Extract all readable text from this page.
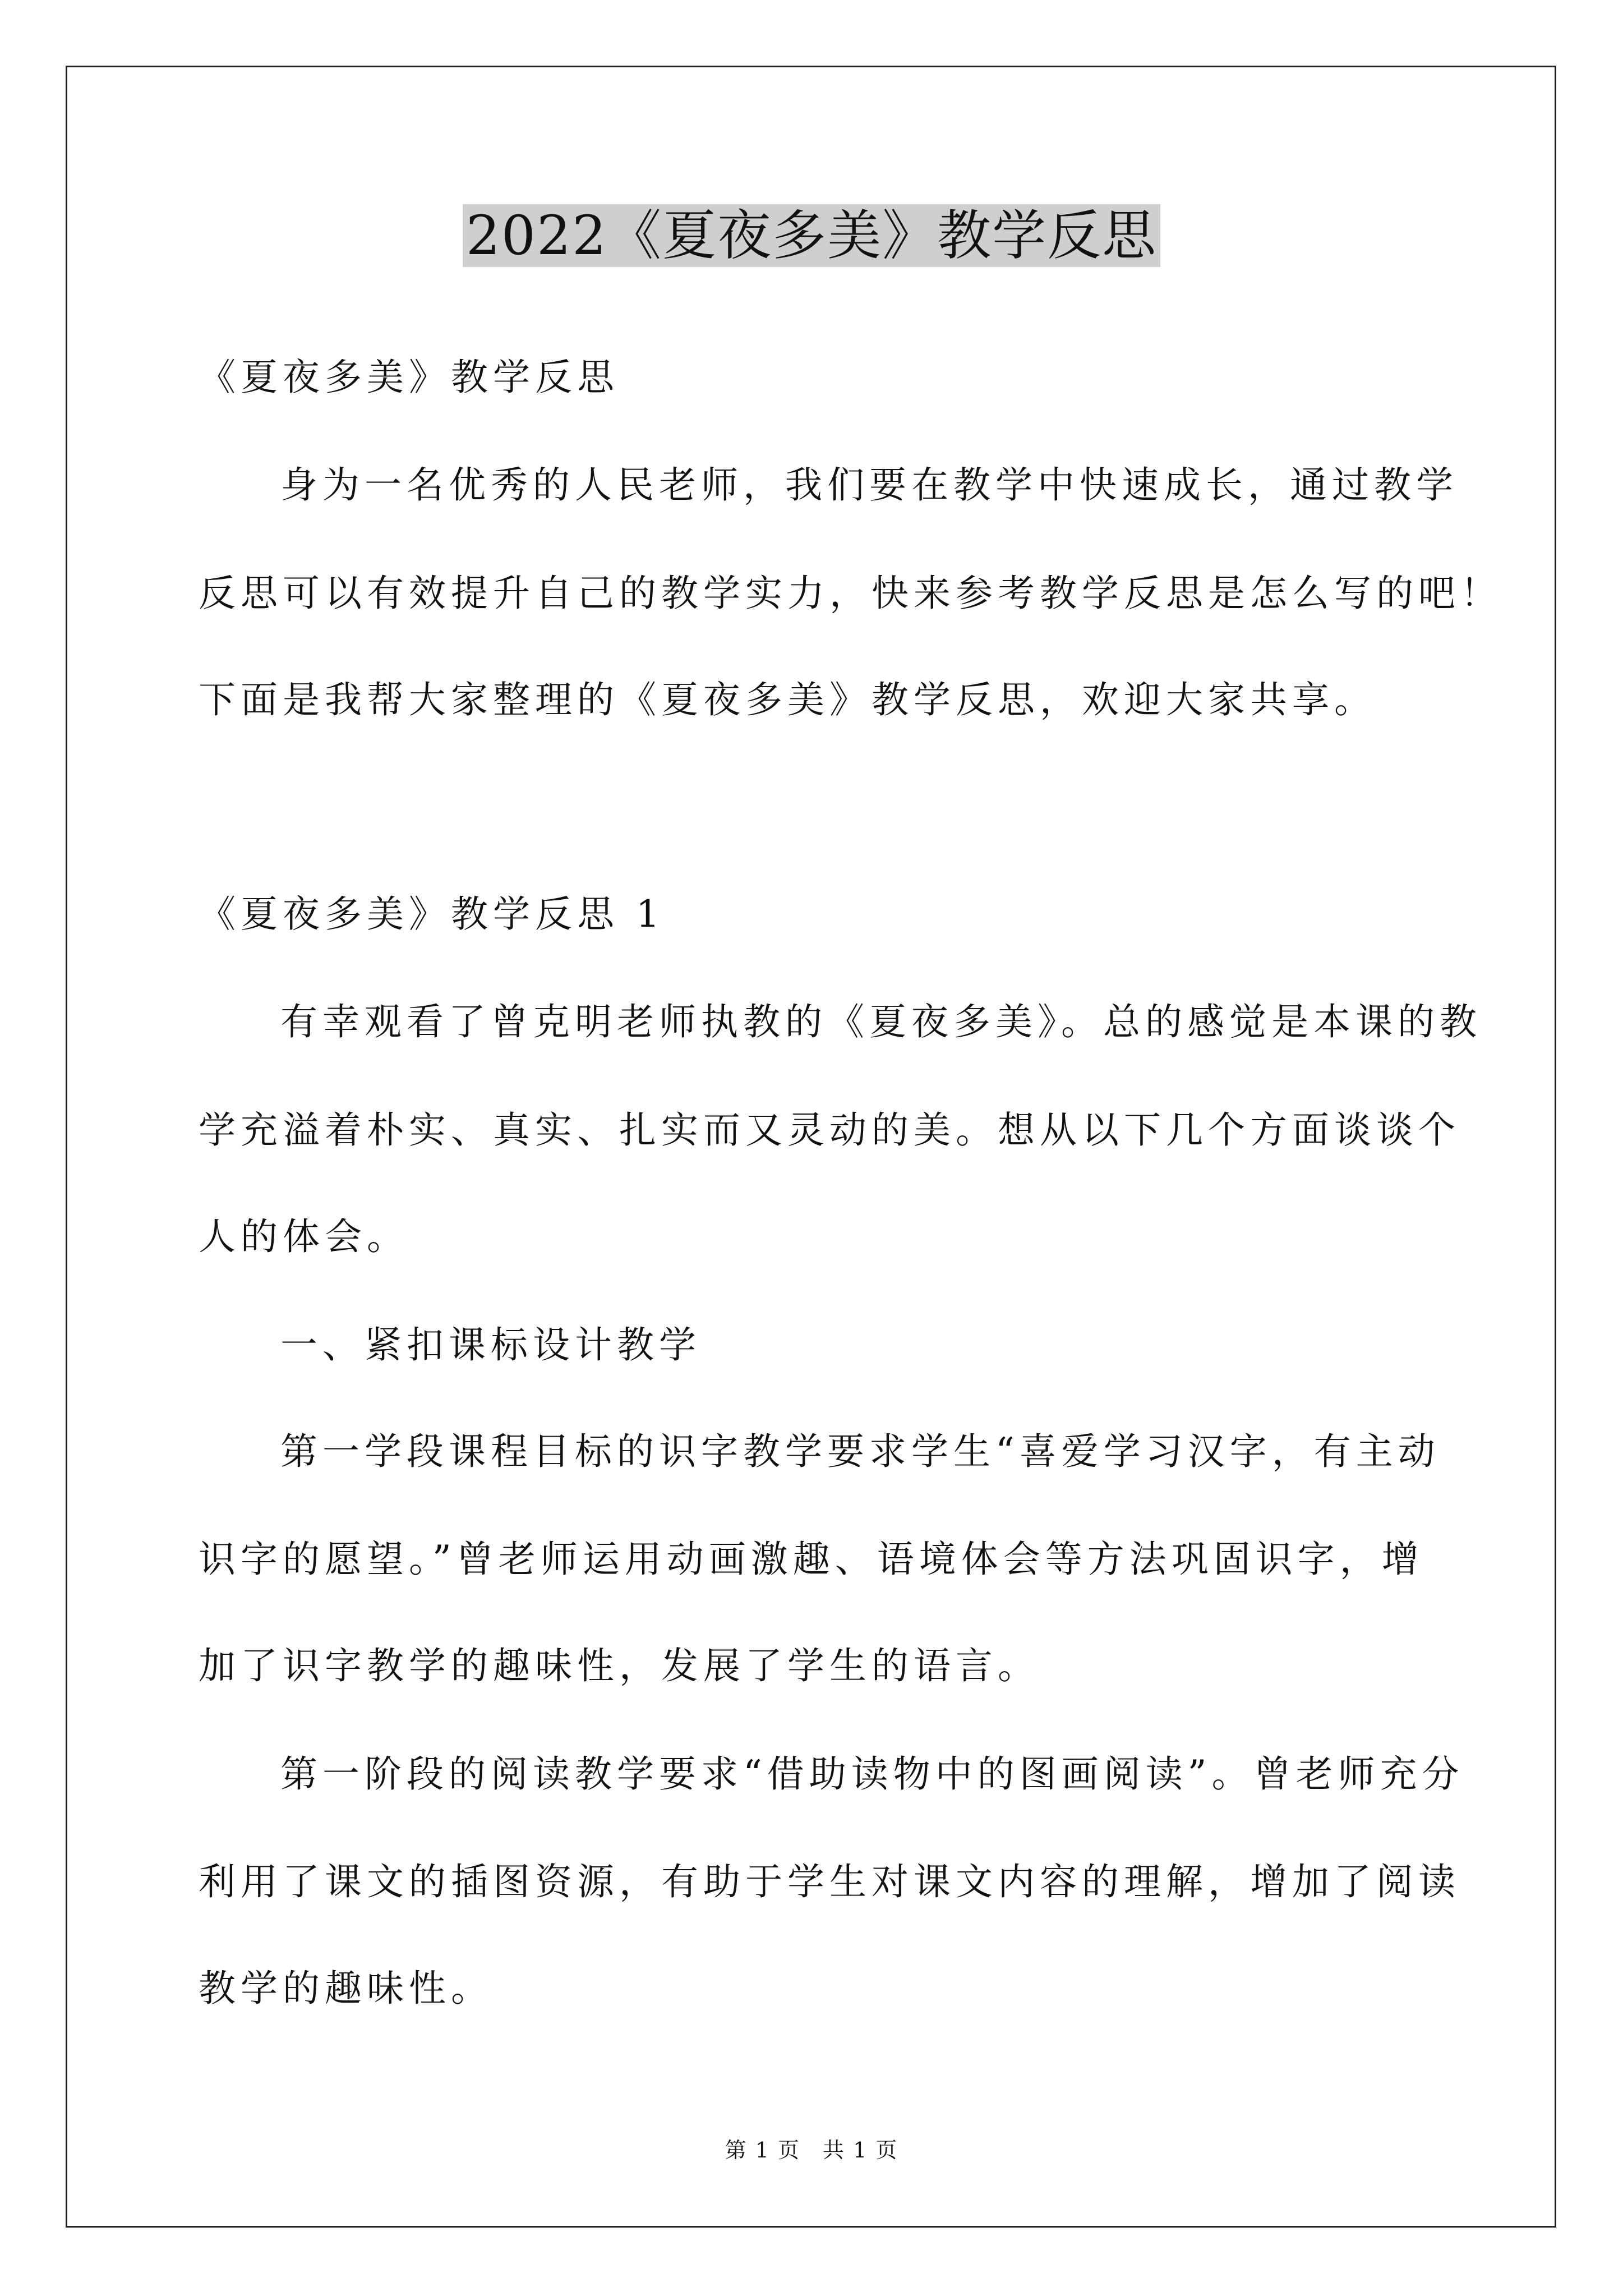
2022《夏夜多美》教学反思
《夏夜多美》教学反思
身为一名优秀的人民老师，我们要在教学中快速成长，通过教学
反思可以有效提升自己的教学实力，快来参考教学反思是怎么写的吧！
下面是我帮大家整理的《夏夜多美》教学反思，欢迎大家共享。
《夏夜多美》教学反思 1
有幸观看了曾克明老师执教的《夏夜多美》。总的感觉是本课的教
学充溢着朴实、真实、扎实而又灵动的美。想从以下几个方面谈谈个
人的体会。
一、紧扣课标设计教学
第一学段课程目标的识字教学要求学生“喜爱学习汉字，有主动
识字的愿望。”曾老师运用动画激趣、语境体会等方法巩固识字，增
加了识字教学的趣味性，发展了学生的语言。
第一阶段的阅读教学要求“借助读物中的图画阅读”。曾老师充分
利用了课文的插图资源，有助于学生对课文内容的理解，增加了阅读
教学的趣味性。
第 1 页 共 1 页
